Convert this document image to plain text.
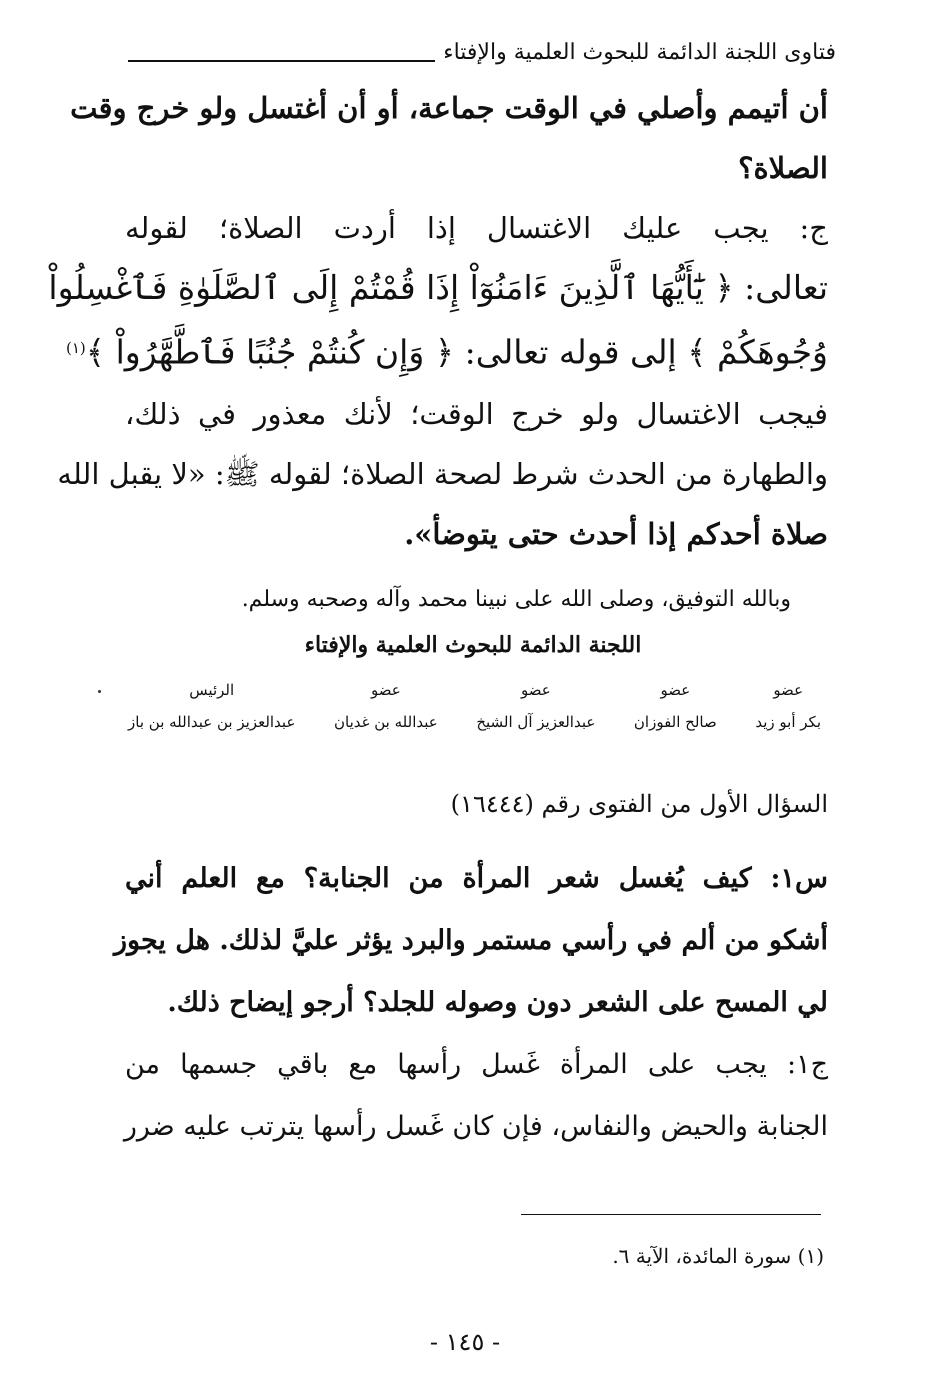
فتاوى اللجنة الدائمة للبحوث العلمية والإفتاء
أن أتيمم وأصلي في الوقت جماعة، أو أن أغتسل ولو خرج وقت
الصلاة؟
ج: يجب عليك الاغتسال إذا أردت الصلاة؛ لقوله
تعالى: ﴿ يَٰٓأَيُّهَا ٱلَّذِينَ ءَامَنُوٓاْ إِذَا قُمْتُمْ إِلَى ٱلصَّلَوٰةِ فَٱغْسِلُواْ
وُجُوهَكُمْ ﴾ إلى قوله تعالى: ﴿ وَإِن كُنتُمْ جُنُبًا فَٱطَّهَّرُواْ ﴾$^{(١)}$
فيجب الاغتسال ولو خرج الوقت؛ لأنك معذور في ذلك،
والطهارة من الحدث شرط لصحة الصلاة؛ لقوله ﷺ: «لا يقبل الله
صلاة أحدكم إذا أحدث حتى يتوضأ».
وبالله التوفيق، وصلى الله على نبينا محمد وآله وصحبه وسلم.
اللجنة الدائمة للبحوث العلمية والإفتاء
عضو
بكر أبو زيد
عضو
صالح الفوزان
عضو
عبدالعزيز آل الشيخ
عضو
عبدالله بن غديان
الرئيس
عبدالعزيز بن عبدالله بن باز
السؤال الأول من الفتوى رقم (١٦٤٤٤)
س١: كيف يُغسل شعر المرأة من الجنابة؟ مع العلم أني
أشكو من ألم في رأسي مستمر والبرد يؤثر عليَّ لذلك. هل يجوز
لي المسح على الشعر دون وصوله للجلد؟ أرجو إيضاح ذلك.
ج١: يجب على المرأة غَسل رأسها مع باقي جسمها من
الجنابة والحيض والنفاس، فإن كان غَسل رأسها يترتب عليه ضرر
(١) سورة المائدة، الآية ٦.
- ١٤٥ -
